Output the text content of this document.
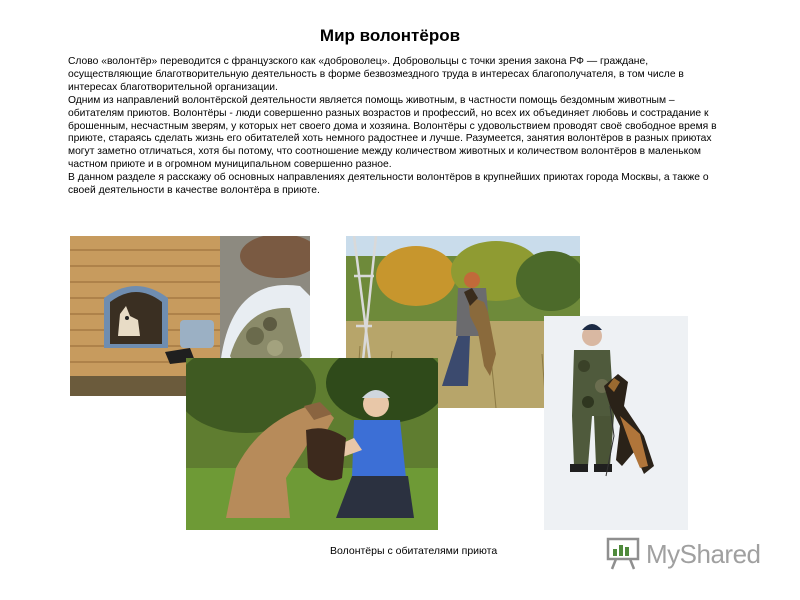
Мир волонтёров

Слово «волонтёр» переводится с французского как «доброволец». Добровольцы с точки зрения закона РФ — граждане, осуществляющие благотворительную деятельность в форме безвозмездного труда в интересах благополучателя, в том числе в интересах благотворительной организации.

Одним из направлений волонтёрской деятельности является помощь животным, в частности помощь бездомным животным – обитателям приютов. Волонтёры - люди совершенно разных возрастов и профессий, но всех их объединяет любовь и сострадание к брошенным, несчастным зверям, у которых нет своего дома и хозяина. Волонтёры с удовольствием проводят своё свободное время в приюте, стараясь сделать жизнь его обитателей хоть немного радостнее и лучше. Разумеется, занятия волонтёров в разных приютах могут заметно отличаться, хотя бы потому, что соотношение между количеством животных и количеством волонтёров в маленьком частном приюте и в огромном муниципальном совершенно разное.

В данном разделе я расскажу об основных направлениях деятельности волонтёров в крупнейших приютах города Москвы, а также о своей деятельности в качестве волонтёра в приюте.

Волонтёры с обитателями приюта	MyShared
